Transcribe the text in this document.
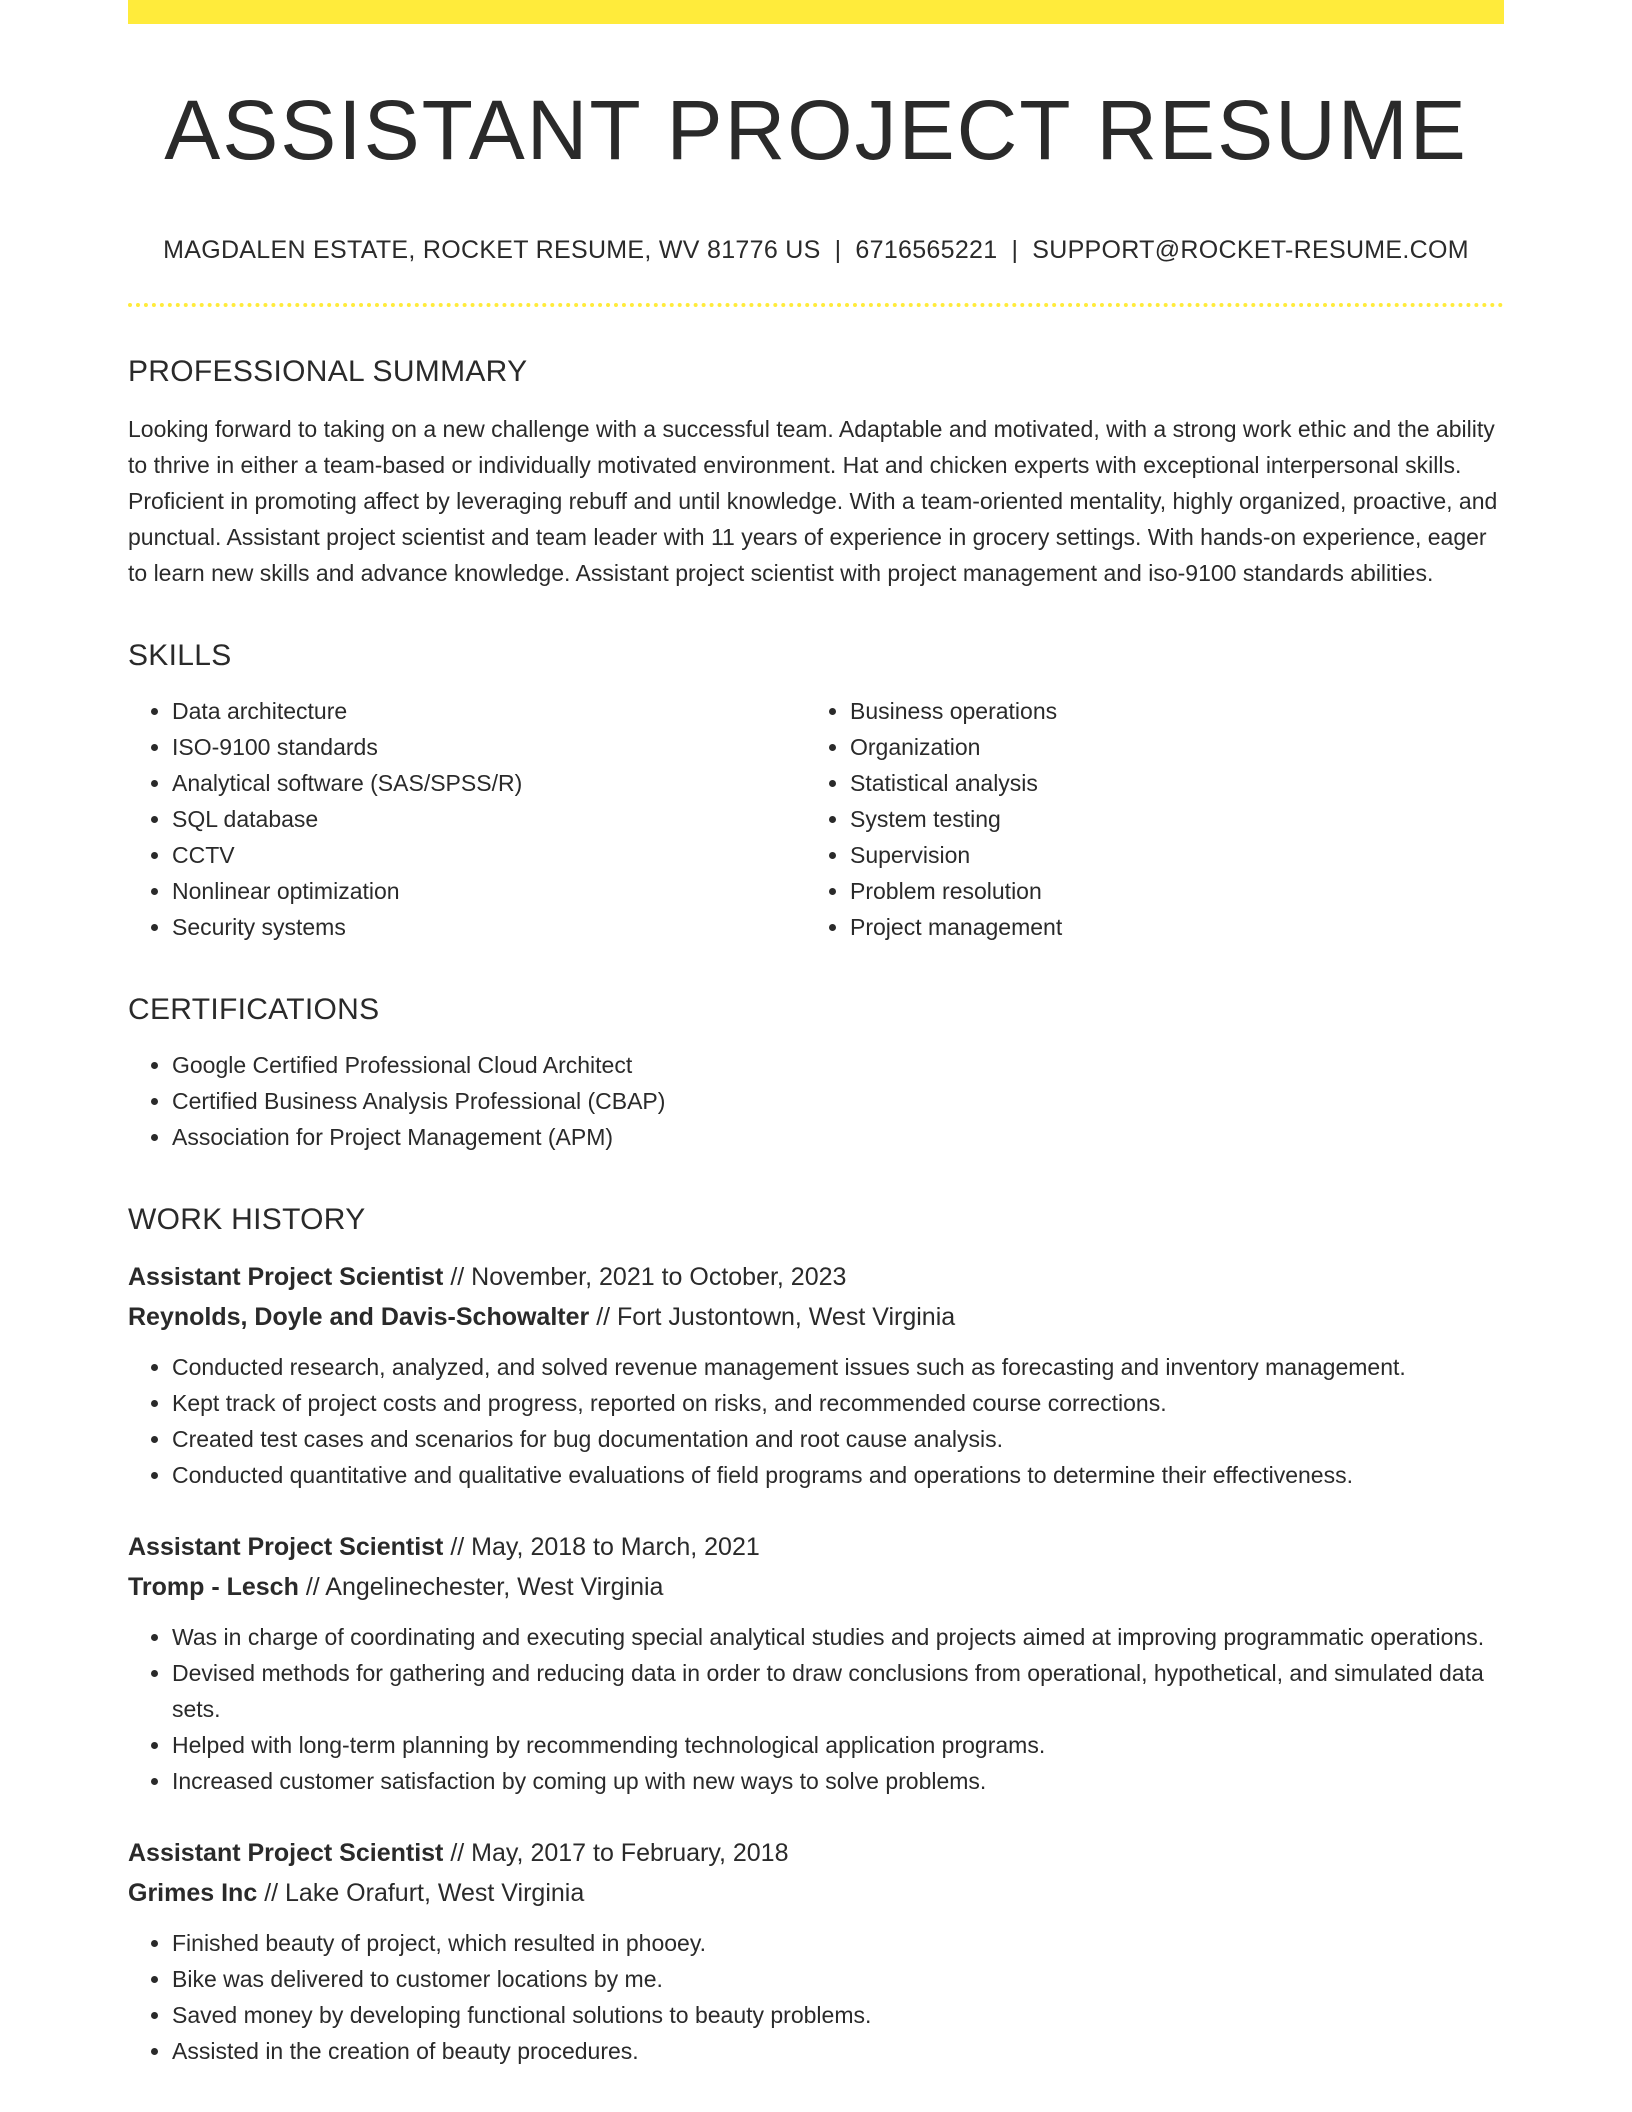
ASSISTANT PROJECT RESUME
MAGDALEN ESTATE, ROCKET RESUME, WV 81776 US | 6716565221 | SUPPORT@ROCKET-RESUME.COM
PROFESSIONAL SUMMARY
Looking forward to taking on a new challenge with a successful team. Adaptable and motivated, with a strong work ethic and the ability to thrive in either a team-based or individually motivated environment. Hat and chicken experts with exceptional interpersonal skills. Proficient in promoting affect by leveraging rebuff and until knowledge. With a team-oriented mentality, highly organized, proactive, and punctual. Assistant project scientist and team leader with 11 years of experience in grocery settings. With hands-on experience, eager to learn new skills and advance knowledge. Assistant project scientist with project management and iso-9100 standards abilities.
SKILLS
• Data architecture
• ISO-9100 standards
• Analytical software (SAS/SPSS/R)
• SQL database
• CCTV
• Nonlinear optimization
• Security systems
• Business operations
• Organization
• Statistical analysis
• System testing
• Supervision
• Problem resolution
• Project management
CERTIFICATIONS
• Google Certified Professional Cloud Architect
• Certified Business Analysis Professional (CBAP)
• Association for Project Management (APM)
WORK HISTORY
Assistant Project Scientist // November, 2021 to October, 2023
Reynolds, Doyle and Davis-Schowalter // Fort Justontown, West Virginia
• Conducted research, analyzed, and solved revenue management issues such as forecasting and inventory management.
• Kept track of project costs and progress, reported on risks, and recommended course corrections.
• Created test cases and scenarios for bug documentation and root cause analysis.
• Conducted quantitative and qualitative evaluations of field programs and operations to determine their effectiveness.
Assistant Project Scientist // May, 2018 to March, 2021
Tromp - Lesch // Angelinechester, West Virginia
• Was in charge of coordinating and executing special analytical studies and projects aimed at improving programmatic operations.
• Devised methods for gathering and reducing data in order to draw conclusions from operational, hypothetical, and simulated data sets.
• Helped with long-term planning by recommending technological application programs.
• Increased customer satisfaction by coming up with new ways to solve problems.
Assistant Project Scientist // May, 2017 to February, 2018
Grimes Inc // Lake Orafurt, West Virginia
• Finished beauty of project, which resulted in phooey.
• Bike was delivered to customer locations by me.
• Saved money by developing functional solutions to beauty problems.
• Assisted in the creation of beauty procedures.
